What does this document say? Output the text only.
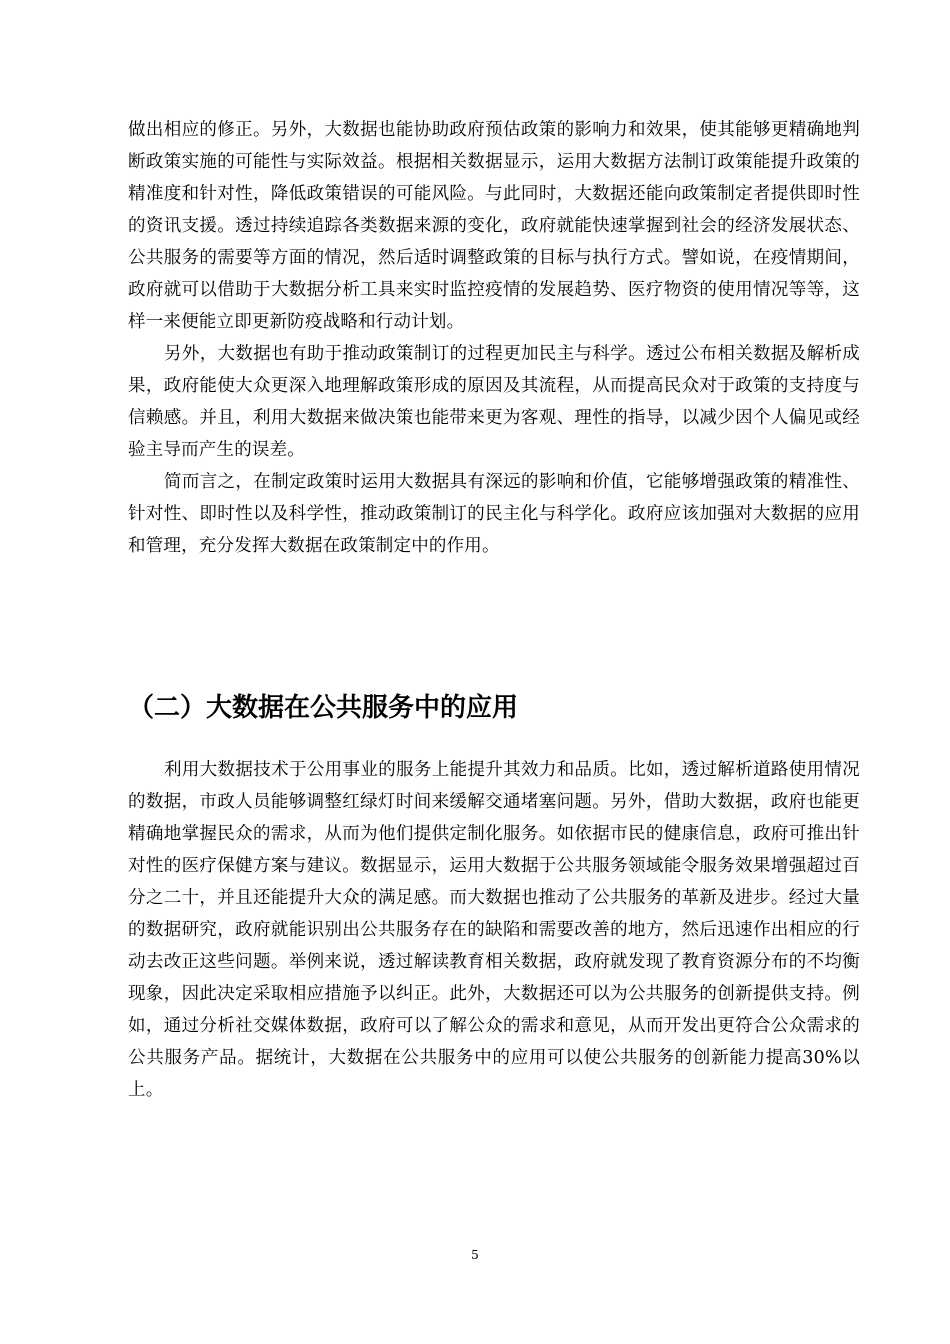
做出相应的修正。另外，大数据也能协助政府预估政策的影响力和效果，使其能够更精确地判断政策实施的可能性与实际效益。根据相关数据显示，运用大数据方法制订政策能提升政策的精准度和针对性，降低政策错误的可能风险。与此同时，大数据还能向政策制定者提供即时性的资讯支援。透过持续追踪各类数据来源的变化，政府就能快速掌握到社会的经济发展状态、公共服务的需要等方面的情况，然后适时调整政策的目标与执行方式。譬如说，在疫情期间，政府就可以借助于大数据分析工具来实时监控疫情的发展趋势、医疗物资的使用情况等等，这样一来便能立即更新防疫战略和行动计划。

另外，大数据也有助于推动政策制订的过程更加民主与科学。透过公布相关数据及解析成果，政府能使大众更深入地理解政策形成的原因及其流程，从而提高民众对于政策的支持度与信赖感。并且，利用大数据来做决策也能带来更为客观、理性的指导，以减少因个人偏见或经验主导而产生的误差。

简而言之，在制定政策时运用大数据具有深远的影响和价值，它能够增强政策的精准性、针对性、即时性以及科学性，推动政策制订的民主化与科学化。政府应该加强对大数据的应用和管理，充分发挥大数据在政策制定中的作用。

（二）大数据在公共服务中的应用

利用大数据技术于公用事业的服务上能提升其效力和品质。比如，透过解析道路使用情况的数据，市政人员能够调整红绿灯时间来缓解交通堵塞问题。另外，借助大数据，政府也能更精确地掌握民众的需求，从而为他们提供定制化服务。如依据市民的健康信息，政府可推出针对性的医疗保健方案与建议。数据显示，运用大数据于公共服务领域能令服务效果增强超过百分之二十，并且还能提升大众的满足感。而大数据也推动了公共服务的革新及进步。经过大量的数据研究，政府就能识别出公共服务存在的缺陷和需要改善的地方，然后迅速作出相应的行动去改正这些问题。举例来说，透过解读教育相关数据，政府就发现了教育资源分布的不均衡现象，因此决定采取相应措施予以纠正。此外，大数据还可以为公共服务的创新提供支持。例如，通过分析社交媒体数据，政府可以了解公众的需求和意见，从而开发出更符合公众需求的公共服务产品。据统计，大数据在公共服务中的应用可以使公共服务的创新能力提高30%以上。

5
